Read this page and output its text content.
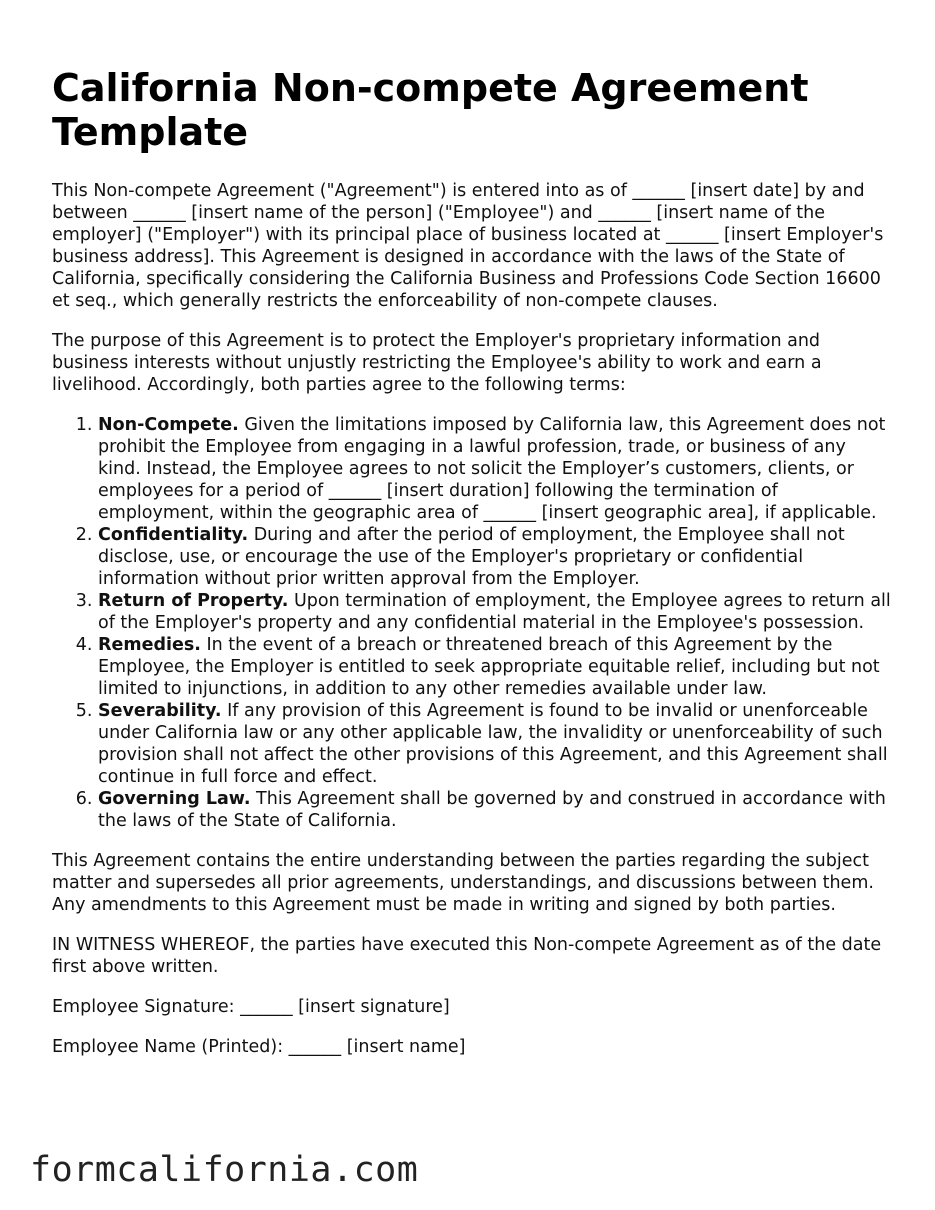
California Non-compete Agreement Template

This Non-compete Agreement ("Agreement") is entered into as of ______ [insert date] by and between ______ [insert name of the person] ("Employee") and ______ [insert name of the employer] ("Employer") with its principal place of business located at ______ [insert Employer's business address]. This Agreement is designed in accordance with the laws of the State of California, specifically considering the California Business and Professions Code Section 16600 et seq., which generally restricts the enforceability of non-compete clauses.

The purpose of this Agreement is to protect the Employer's proprietary information and business interests without unjustly restricting the Employee's ability to work and earn a livelihood. Accordingly, both parties agree to the following terms:

1. Non-Compete. Given the limitations imposed by California law, this Agreement does not prohibit the Employee from engaging in a lawful profession, trade, or business of any kind. Instead, the Employee agrees to not solicit the Employer’s customers, clients, or employees for a period of ______ [insert duration] following the termination of employment, within the geographic area of ______ [insert geographic area], if applicable.
2. Confidentiality. During and after the period of employment, the Employee shall not disclose, use, or encourage the use of the Employer's proprietary or confidential information without prior written approval from the Employer.
3. Return of Property. Upon termination of employment, the Employee agrees to return all of the Employer's property and any confidential material in the Employee's possession.
4. Remedies. In the event of a breach or threatened breach of this Agreement by the Employee, the Employer is entitled to seek appropriate equitable relief, including but not limited to injunctions, in addition to any other remedies available under law.
5. Severability. If any provision of this Agreement is found to be invalid or unenforceable under California law or any other applicable law, the invalidity or unenforceability of such provision shall not affect the other provisions of this Agreement, and this Agreement shall continue in full force and effect.
6. Governing Law. This Agreement shall be governed by and construed in accordance with the laws of the State of California.

This Agreement contains the entire understanding between the parties regarding the subject matter and supersedes all prior agreements, understandings, and discussions between them. Any amendments to this Agreement must be made in writing and signed by both parties.

IN WITNESS WHEREOF, the parties have executed this Non-compete Agreement as of the date first above written.

Employee Signature: ______ [insert signature]

Employee Name (Printed): ______ [insert name]

formcalifornia.com
